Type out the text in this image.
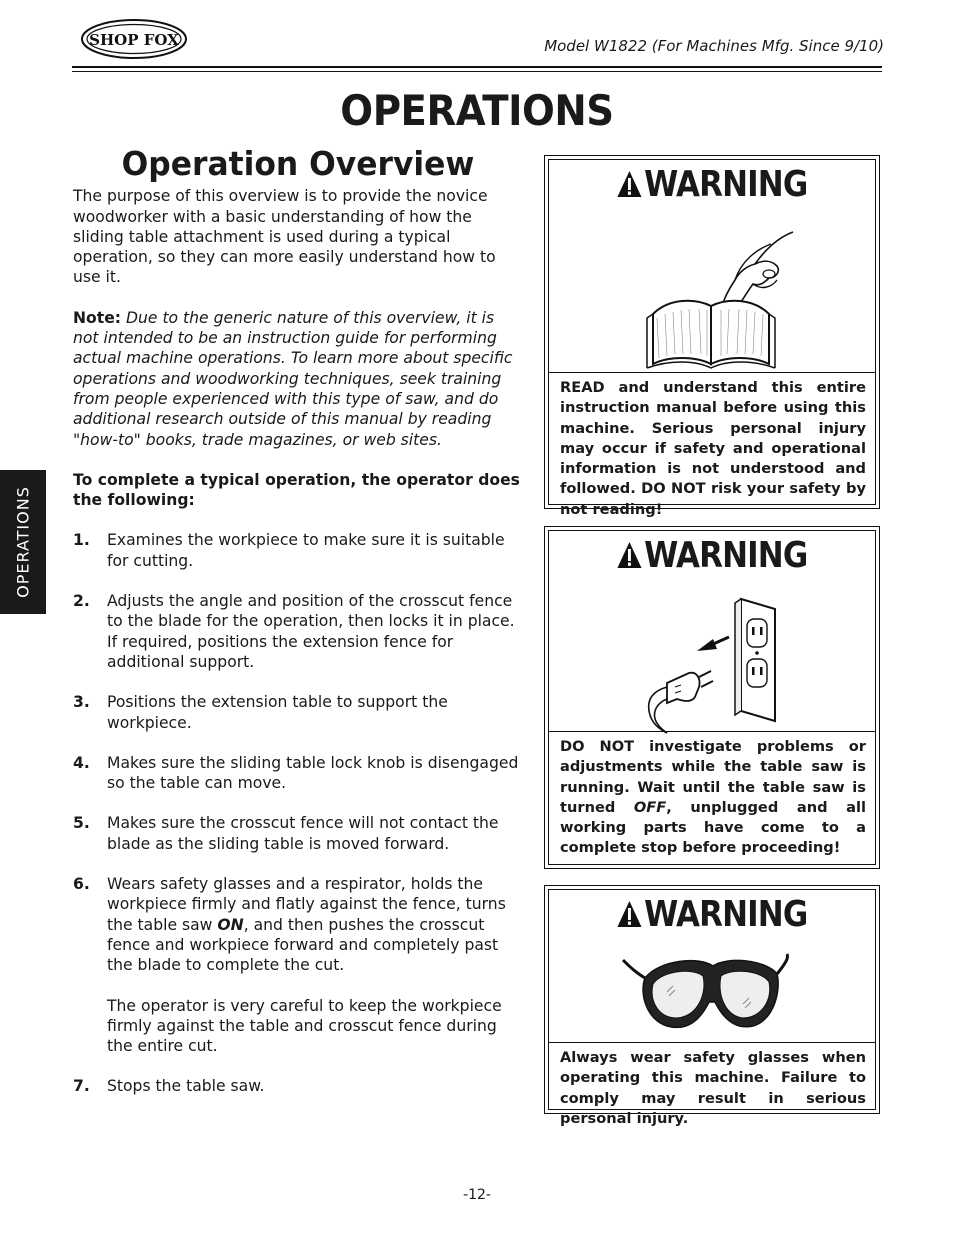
SHOP FOX	Model W1822 (For Machines Mfg. Since 9/10)
OPERATIONS
OPERATIONS
Operation Overview

The purpose of this overview is to provide the novice woodworker with a basic understanding of how the sliding table attachment is used during a typical operation, so they can more easily understand how to use it.

Note: Due to the generic nature of this overview, it is not intended to be an instruction guide for performing actual machine operations. To learn more about specific operations and woodworking techniques, seek training from people experienced with this type of saw, and do additional research outside of this manual by reading "how-to" books, trade magazines, or web sites.

To complete a typical operation, the operator does the following:

1. Examines the workpiece to make sure it is suitable for cutting.
2. Adjusts the angle and position of the crosscut fence to the blade for the operation, then locks it in place. If required, positions the extension fence for additional support.
3. Positions the extension table to support the workpiece.
4. Makes sure the sliding table lock knob is disengaged so the table can move.
5. Makes sure the crosscut fence will not contact the blade as the sliding table is moved forward.
6. Wears safety glasses and a respirator, holds the workpiece firmly and flatly against the fence, turns the table saw ON, and then pushes the crosscut fence and workpiece forward and completely past the blade to complete the cut.
The operator is very careful to keep the workpiece firmly against the table and crosscut fence during the entire cut.
7. Stops the table saw.
WARNING
READ and understand this entire instruction manual before using this machine. Serious personal injury may occur if safety and operational information is not understood and followed. DO NOT risk your safety by not reading!
WARNING
DO NOT investigate problems or adjustments while the table saw is running. Wait until the table saw is turned OFF, unplugged and all working parts have come to a complete stop before proceeding!
WARNING
Always wear safety glasses when operating this machine. Failure to comply may result in serious personal injury.
-12-
